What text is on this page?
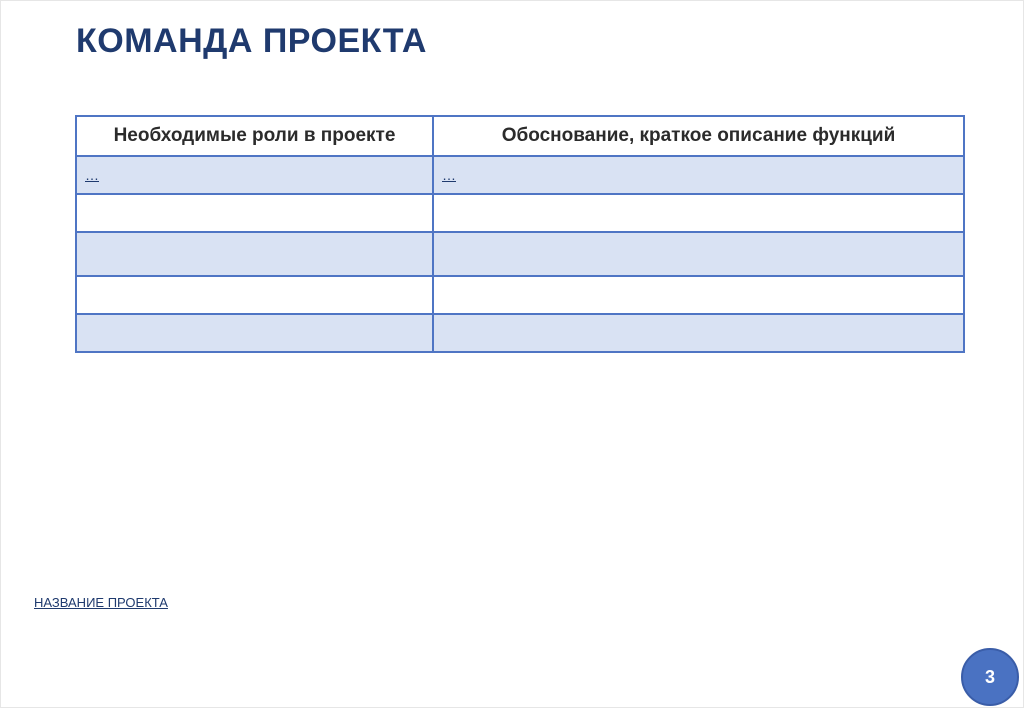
КОМАНДА ПРОЕКТА
Необходимые роли в проекте	Обоснование, краткое описание функций
…	…

НАЗВАНИЕ ПРОЕКТА
3
